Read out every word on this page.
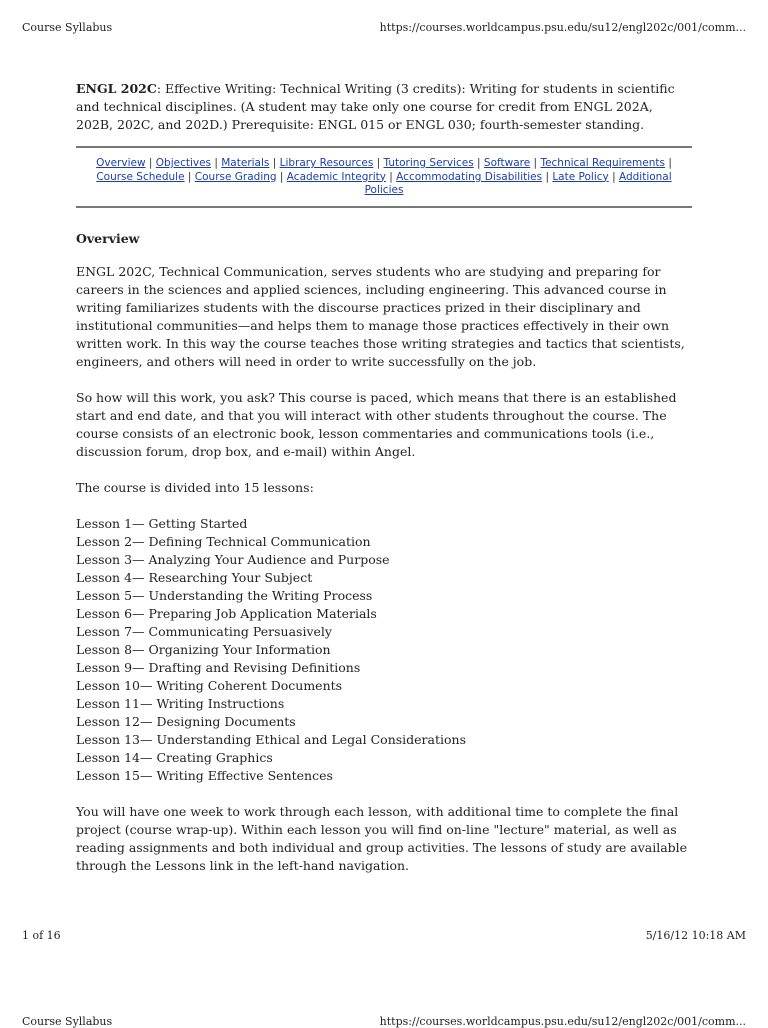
Course Syllabus	https://courses.worldcampus.psu.edu/su12/engl202c/001/comm...

ENGL 202C: Effective Writing: Technical Writing (3 credits): Writing for students in scientific and technical disciplines. (A student may take only one course for credit from ENGL 202A, 202B, 202C, and 202D.) Prerequisite: ENGL 015 or ENGL 030; fourth-semester standing.

Overview | Objectives | Materials | Library Resources | Tutoring Services | Software | Technical Requirements | Course Schedule | Course Grading | Academic Integrity | Accommodating Disabilities | Late Policy | Additional Policies
Overview

ENGL 202C, Technical Communication, serves students who are studying and preparing for careers in the sciences and applied sciences, including engineering. This advanced course in writing familiarizes students with the discourse practices prized in their disciplinary and institutional communities—and helps them to manage those practices effectively in their own written work. In this way the course teaches those writing strategies and tactics that scientists, engineers, and others will need in order to write successfully on the job.

So how will this work, you ask? This course is paced, which means that there is an established start and end date, and that you will interact with other students throughout the course. The course consists of an electronic book, lesson commentaries and communications tools (i.e., discussion forum, drop box, and e-mail) within Angel.

The course is divided into 15 lessons:

Lesson 1— Getting Started
Lesson 2— Defining Technical Communication
Lesson 3— Analyzing Your Audience and Purpose
Lesson 4— Researching Your Subject
Lesson 5— Understanding the Writing Process
Lesson 6— Preparing Job Application Materials
Lesson 7— Communicating Persuasively
Lesson 8— Organizing Your Information
Lesson 9— Drafting and Revising Definitions
Lesson 10— Writing Coherent Documents
Lesson 11— Writing Instructions
Lesson 12— Designing Documents
Lesson 13— Understanding Ethical and Legal Considerations
Lesson 14— Creating Graphics
Lesson 15— Writing Effective Sentences

You will have one week to work through each lesson, with additional time to complete the final project (course wrap-up). Within each lesson you will find on-line "lecture" material, as well as reading assignments and both individual and group activities. The lessons of study are available through the Lessons link in the left-hand navigation.

1 of 16	5/16/12 10:18 AM
Course Syllabus	https://courses.worldcampus.psu.edu/su12/engl202c/001/comm...
